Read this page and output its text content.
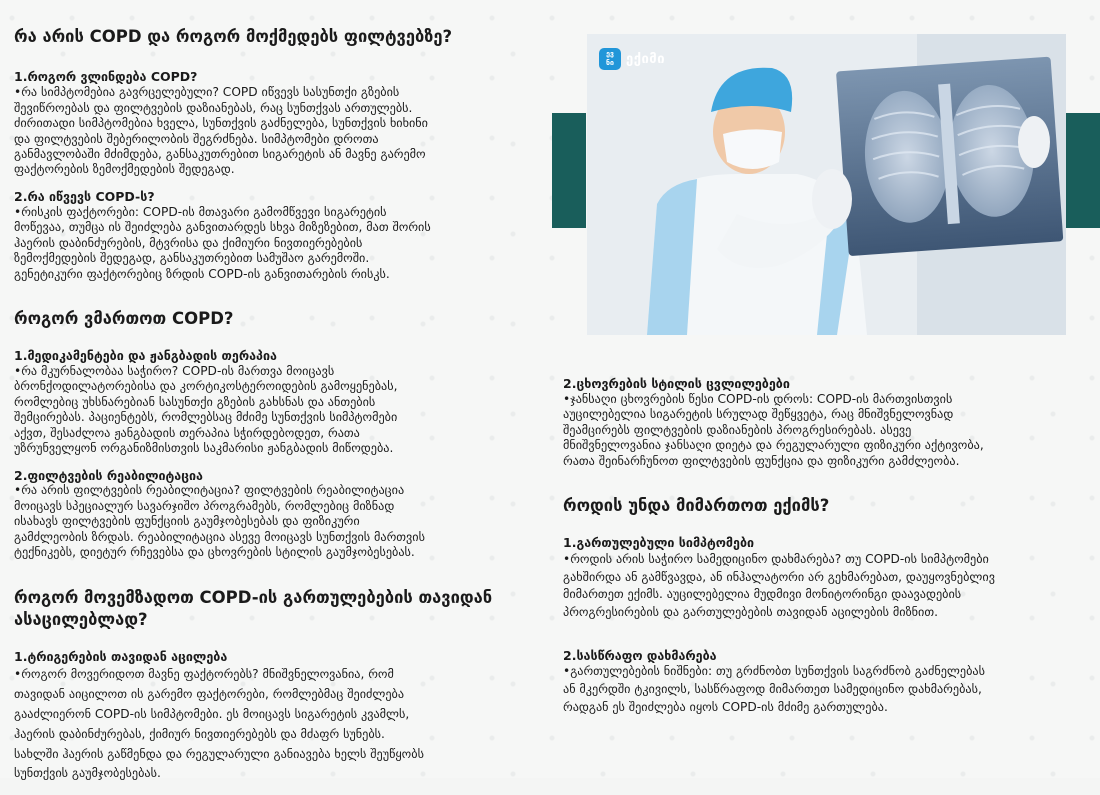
რა არის COPD და როგორ მოქმედებს ფილტვებზე?

1.როგორ ვლინდება COPD?

•რა სიმპტომებია გავრცელებული? COPD იწვევს სასუნთქი გზების
შევიწროებას და ფილტვების დაზიანებას, რაც სუნთქვას ართულებს.
ძირითადი სიმპტომებია ხველა, სუნთქვის გაძნელება, სუნთქვის ხიხინი
და ფილტვების შებერილობის შეგრძნება. სიმპტომები დროთა
განმავლობაში მძიმდება, განსაკუთრებით სიგარეტის ან მავნე გარემო
ფაქტორების ზემოქმედების შედეგად.

2.რა იწვევს COPD-ს?

•რისკის ფაქტორები: COPD-ის მთავარი გამომწვევი სიგარეტის
მოწევაა, თუმცა ის შეიძლება განვითარდეს სხვა მიზეზებით, მათ შორის
ჰაერის დაბინძურების, მტვრისა და ქიმიური ნივთიერებების
ზემოქმედების შედეგად, განსაკუთრებით სამუშაო გარემოში.
გენეტიკური ფაქტორებიც ზრდის COPD-ის განვითარების რისკს.

როგორ ვმართოთ COPD?

1.მედიკამენტები და ჟანგბადის თერაპია

•რა მკურნალობაა საჭირო? COPD-ის მართვა მოიცავს
ბრონქოდილატორებისა და კორტიკოსტეროიდების გამოყენებას,
რომლებიც უხსნარებიან სასუნთქი გზების გახსნას და ანთების
შემცირებას. პაციენტებს, რომლებსაც მძიმე სუნთქვის სიმპტომები
აქვთ, შესაძლოა ჟანგბადის თერაპია სჭირდებოდეთ, რათა
უზრუნველყონ ორგანიზმისთვის საკმარისი ჟანგბადის მიწოდება.

2.ფილტვების რეაბილიტაცია

•რა არის ფილტვების რეაბილიტაცია? ფილტვების რეაბილიტაცია
მოიცავს სპეციალურ სავარჯიშო პროგრამებს, რომლებიც მიზნად
ისახავს ფილტვების ფუნქციის გაუმჯობესებას და ფიზიკური
გამძლეობის ზრდას. რეაბილიტაცია ასევე მოიცავს სუნთქვის მართვის
ტექნიკებს, დიეტურ რჩევებსა და ცხოვრების სტილის გაუმჯობესებას.

როგორ მოვემზადოთ COPD-ის გართულებების თავიდან
ასაცილებლად?

1.ტრიგერების თავიდან აცილება

•როგორ მოვერიდოთ მავნე ფაქტორებს? მნიშვნელოვანია, რომ
თავიდან აიცილოთ ის გარემო ფაქტორები, რომლებმაც შეიძლება
გააძლიერონ COPD-ის სიმპტომები. ეს მოიცავს სიგარეტის კვამლს,
ჰაერის დაბინძურებას, ქიმიურ ნივთიერებებს და მძაფრ სუნებს.
სახლში ჰაერის გაწმენდა და რეგულარული განიავება ხელს შეუწყობს
სუნთქვის გაუმჯობესებას.

ევ
ნი ექიმი

2.ცხოვრების სტილის ცვლილებები

•ჯანსაღი ცხოვრების წესი COPD-ის დროს: COPD-ის მართვისთვის
აუცილებელია სიგარეტის სრულად შეწყვეტა, რაც მნიშვნელოვნად
შეამცირებს ფილტვების დაზიანების პროგრესირებას. ასევე
მნიშვნელოვანია ჯანსაღი დიეტა და რეგულარული ფიზიკური აქტივობა,
რათა შეინარჩუნოთ ფილტვების ფუნქცია და ფიზიკური გამძლეობა.

როდის უნდა მიმართოთ ექიმს?

1.გართულებული სიმპტომები

•როდის არის საჭირო სამედიცინო დახმარება? თუ COPD-ის სიმპტომები
გახშირდა ან გამწვავდა, ან ინჰალატორი არ გეხმარებათ, დაუყოვნებლივ
მიმართეთ ექიმს. აუცილებელია მუდმივი მონიტორინგი დაავადების
პროგრესირების და გართულებების თავიდან აცილების მიზნით.

2.სასწრაფო დახმარება

•გართულებების ნიშნები: თუ გრძნობთ სუნთქვის საგრძნობ გაძნელებას
ან მკერდში ტკივილს, სასწრაფოდ მიმართეთ სამედიცინო დახმარებას,
რადგან ეს შეიძლება იყოს COPD-ის მძიმე გართულება.
